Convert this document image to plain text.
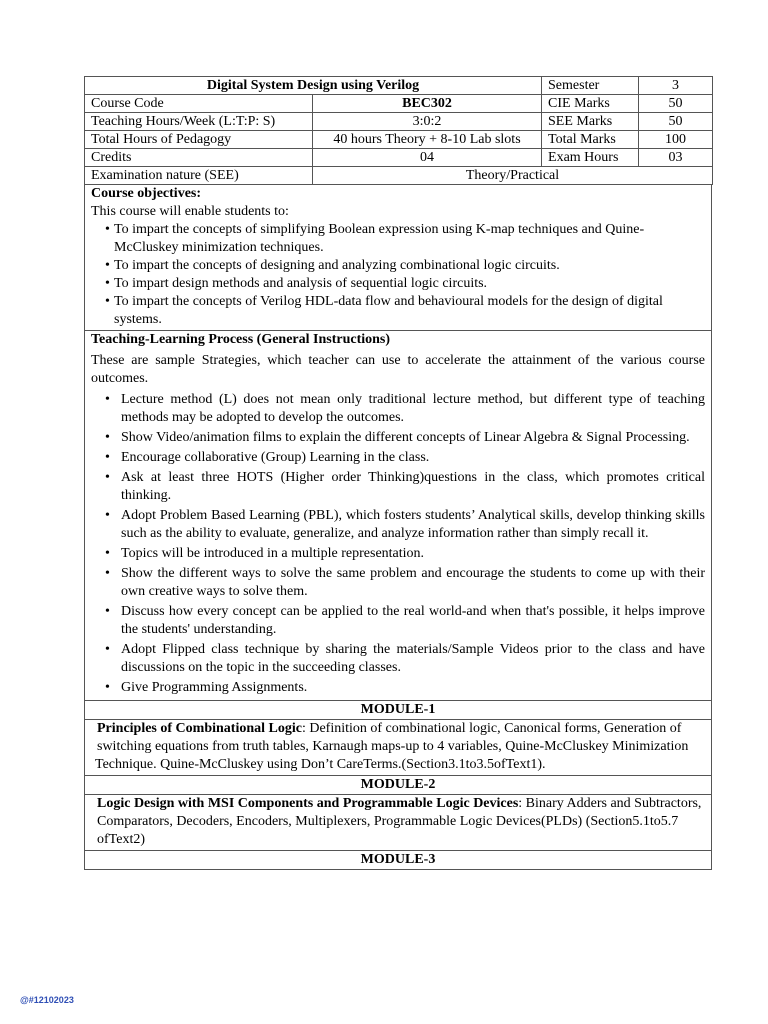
Digital System Design using Verilog		Semester	3
Course Code	BEC302	CIE Marks	50
Teaching Hours/Week (L:T:P: S)	3:0:2	SEE Marks	50
Total Hours of Pedagogy	40 hours Theory + 8-10 Lab slots	Total Marks	100
Credits	04	Exam Hours	03
Examination nature (SEE)	Theory/Practical		
Course objectives:
This course will enable students to:
• To impart the concepts of simplifying Boolean expression using K-map techniques and Quine-McCluskey minimization techniques.
• To impart the concepts of designing and analyzing combinational logic circuits.
• To impart design methods and analysis of sequential logic circuits.
• To impart the concepts of Verilog HDL-data flow and behavioural models for the design of digital systems.
Teaching-Learning Process (General Instructions)
These are sample Strategies, which teacher can use to accelerate the attainment of the various course outcomes.
• Lecture method (L) does not mean only traditional lecture method, but different type of teaching methods may be adopted to develop the outcomes.
• Show Video/animation films to explain the different concepts of Linear Algebra & Signal Processing.
• Encourage collaborative (Group) Learning in the class.
• Ask at least three HOTS (Higher order Thinking)questions in the class, which promotes critical thinking.
• Adopt Problem Based Learning (PBL), which fosters students’ Analytical skills, develop thinking skills such as the ability to evaluate, generalize, and analyze information rather than simply recall it.
• Topics will be introduced in a multiple representation.
• Show the different ways to solve the same problem and encourage the students to come up with their own creative ways to solve them.
• Discuss how every concept can be applied to the real world-and when that's possible, it helps improve the students' understanding.
• Adopt Flipped class technique by sharing the materials/Sample Videos prior to the class and have discussions on the topic in the succeeding classes.
• Give Programming Assignments.
MODULE-1
Principles of Combinational Logic: Definition of combinational logic, Canonical forms, Generation of switching equations from truth tables, Karnaugh maps-up to 4 variables, Quine-McCluskey Minimization
Technique. Quine-McCluskey using Don’t CareTerms.(Section3.1to3.5ofText1).
MODULE-2
Logic Design with MSI Components and Programmable Logic Devices: Binary Adders and Subtractors, Comparators, Decoders, Encoders, Multiplexers, Programmable Logic Devices(PLDs) (Section5.1to5.7 ofText2)
MODULE-3
@#12102023
